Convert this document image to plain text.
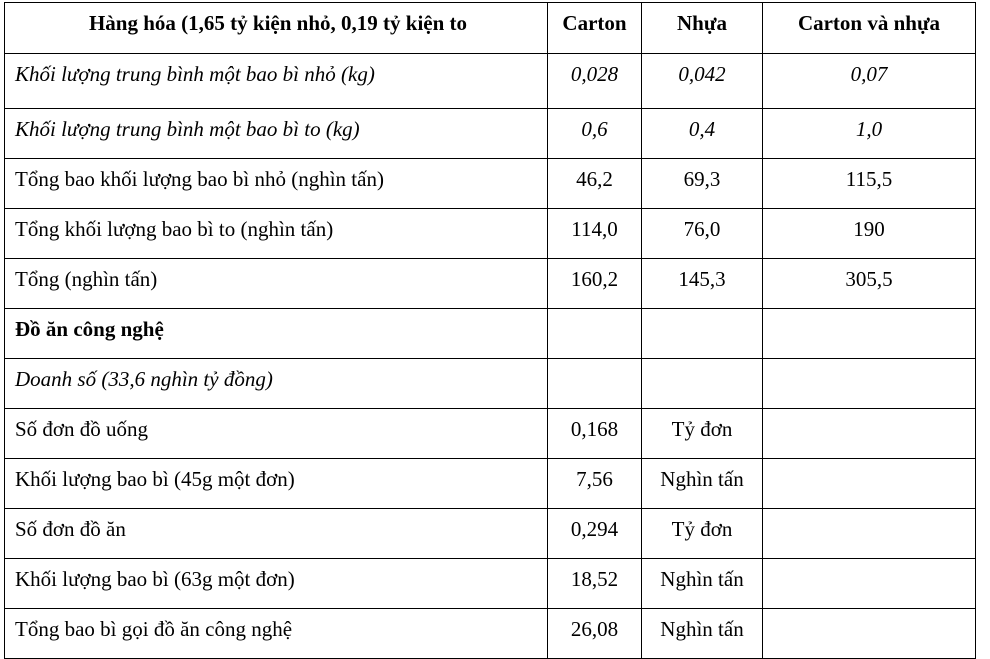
Hàng hóa (1,65 tỷ kiện nhỏ, 0,19 tỷ kiện to	Carton	Nhựa	Carton và nhựa
Khối lượng trung bình một bao bì nhỏ (kg)	0,028	0,042	0,07
Khối lượng trung bình một bao bì to (kg)	0,6	0,4	1,0
Tổng bao khối lượng bao bì nhỏ (nghìn tấn)	46,2	69,3	115,5
Tổng khối lượng bao bì to (nghìn tấn)	114,0	76,0	190
Tổng (nghìn tấn)	160,2	145,3	305,5
Đồ ăn công nghệ			
Doanh số (33,6 nghìn tỷ đồng)			
Số đơn đồ uống	0,168	Tỷ đơn	
Khối lượng bao bì (45g một đơn)	7,56	Nghìn tấn	
Số đơn đồ ăn	0,294	Tỷ đơn	
Khối lượng bao bì (63g một đơn)	18,52	Nghìn tấn	
Tổng bao bì gọi đồ ăn công nghệ	26,08	Nghìn tấn	
